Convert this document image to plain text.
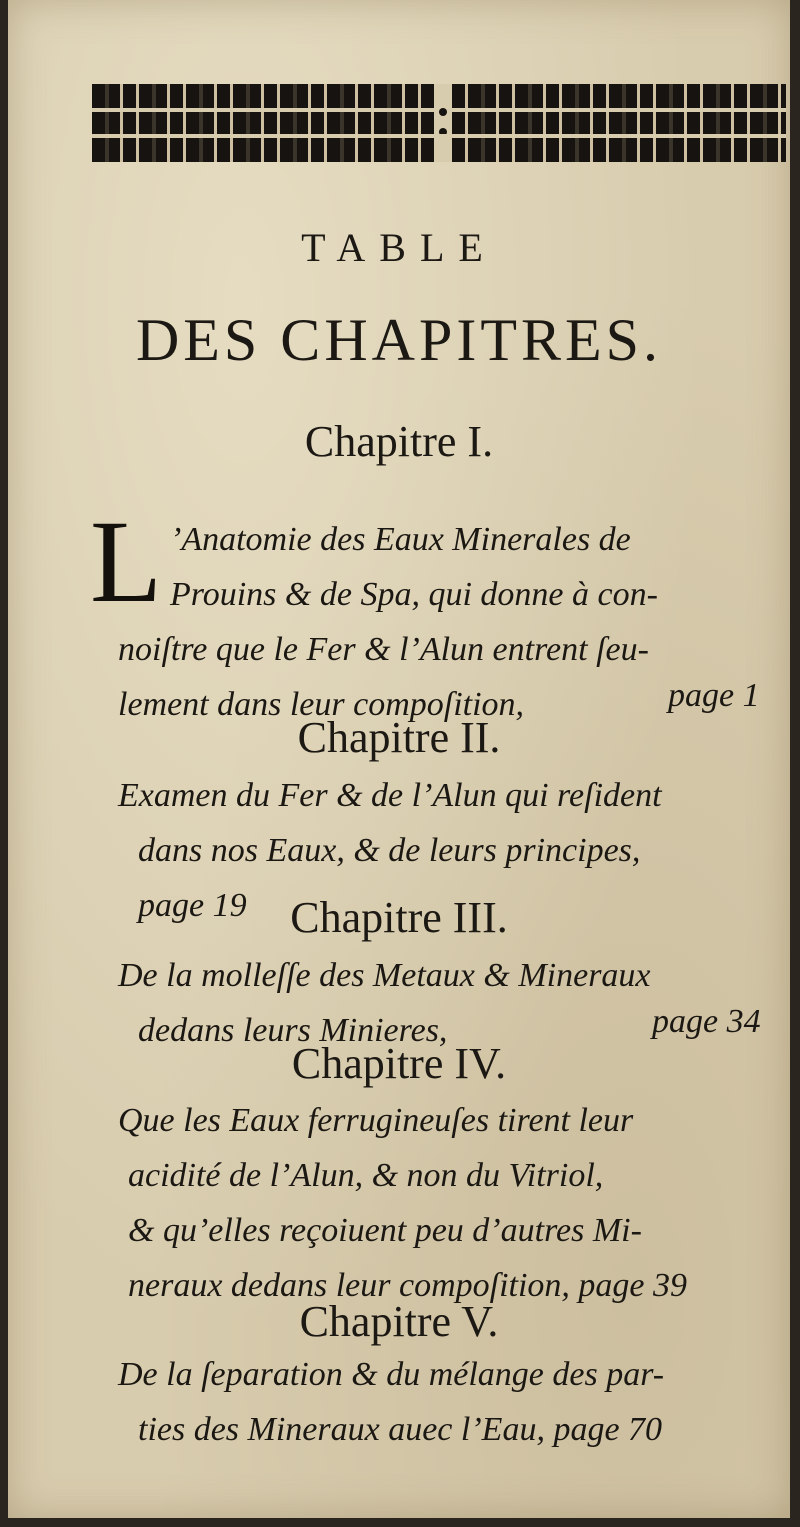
TABLE
DES CHAPITRES.
Chapitre I.
L ’Anatomie des Eaux Minerales de
Prouins & de Spa, qui donne à con-
noiſtre que le Fer & l’Alun entrent ſeu-
lement dans leur compoſition,	page 1
Chapitre II.
Examen du Fer & de l’Alun qui reſident
dans nos Eaux, & de leurs principes,
page 19 Chapitre III.
De la molleſſe des Metaux & Mineraux
dedans leurs Minieres,	page 34
Chapitre IV.
Que les Eaux ferrugineuſes tirent leur
acidité de l’Alun, & non du Vitriol,
& qu’elles reçoiuent peu d’autres Mi-
neraux dedans leur compoſition, page 39
Chapitre V.
De la ſeparation & du mélange des par-
ties des Mineraux auec l’Eau, page 70
